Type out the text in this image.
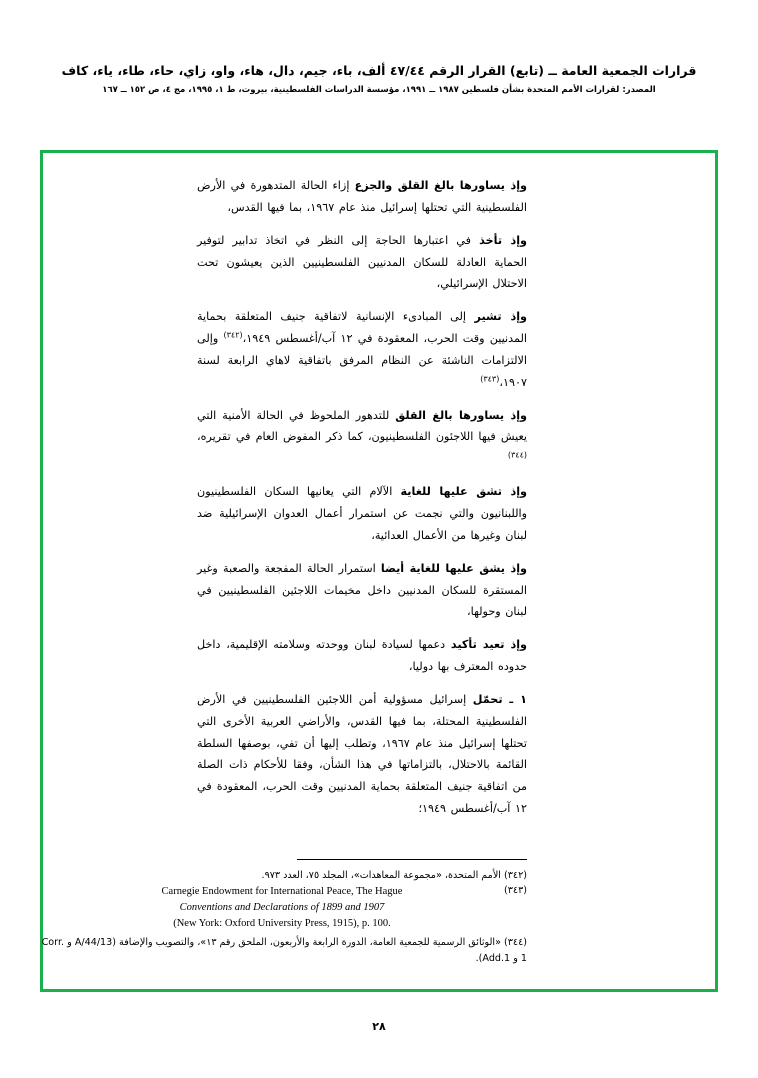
قرارات الجمعية العامة ــ (تابع) القرار الرقم ٤٧/٤٤ ألف، باء، جيم، دال، هاء، واو، زاي، حاء، طاء، ياء، كاف
المصدر: لقرارات الأمم المتحدة بشأن فلسطين ١٩٨٧ ــ ١٩٩١، مؤسسة الدراسات الفلسطينية، بيروت، ط ١، ١٩٩٥، مج ٤، ص ١٥٢ ــ ١٦٧

وإذ يساورها بالغ القلق والجزع إزاء الحالة المتدهورة في الأرض الفلسطينية التي تحتلها إسرائيل منذ عام ١٩٦٧، بما فيها القدس،

وإذ تأخذ في اعتبارها الحاجة إلى النظر في اتخاذ تدابير لتوفير الحماية العادلة للسكان المدنيين الفلسطينيين الذين يعيشون تحت الاحتلال الإسرائيلي،

وإذ تشير إلى المبادىء الإنسانية لاتفاقية جنيف المتعلقة بحماية المدنيين وقت الحرب، المعقودة في ١٢ آب/أغسطس ١٩٤٩،$^{(٣٤٢)}$ وإلى الالتزامات الناشئة عن النظام المرفق باتفاقية لاهاي الرابعة لسنة ١٩٠٧،$^{(٣٤٣)}$

وإذ يساورها بالغ القلق للتدهور الملحوظ في الحالة الأمنية التي يعيش فيها اللاجئون الفلسطينيون، كما ذكر المفوض العام في تقريره،$^{(٣٤٤)}$

وإذ تشق عليها للغاية الآلام التي يعانيها السكان الفلسطينيون واللبنانيون والتي نجمت عن استمرار أعمال العدوان الإسرائيلية ضد لبنان وغيرها من الأعمال العدائية،

وإذ يشق عليها للغاية أيضا استمرار الحالة المفجعة والصعبة وغير المستقرة للسكان المدنيين داخل مخيمات اللاجئين الفلسطينيين في لبنان وحولها،

وإذ تعيد تأكيد دعمها لسيادة لبنان ووحدته وسلامته الإقليمية، داخل حدوده المعترف بها دوليا،

١ ـ تحمّل إسرائيل مسؤولية أمن اللاجئين الفلسطينيين في الأرض الفلسطينية المحتلة، بما فيها القدس، والأراضي العربية الأخرى التي تحتلها إسرائيل منذ عام ١٩٦٧، وتطلب إليها أن تفي، بوصفها السلطة القائمة بالاحتلال، بالتزاماتها في هذا الشأن، وفقا للأحكام ذات الصلة من اتفاقية جنيف المتعلقة بحماية المدنيين وقت الحرب، المعقودة في ١٢ آب/أغسطس ١٩٤٩؛

(٣٤٢) الأمم المتحدة، «مجموعة المعاهدات»، المجلد ٧٥، العدد ٩٧٣.

(٣٤٣)

Carnegie Endowment for International Peace, The Hague

Conventions and Declarations of 1899 and 1907

(New York: Oxford University Press, 1915), p. 100.

(٣٤٤) «الوثائق الرسمية للجمعية العامة، الدورة الرابعة والأربعون، الملحق رقم ١٣»، والتصويب والإضافة (A/44/13 و Corr. 1 و Add.1).

٢٨
